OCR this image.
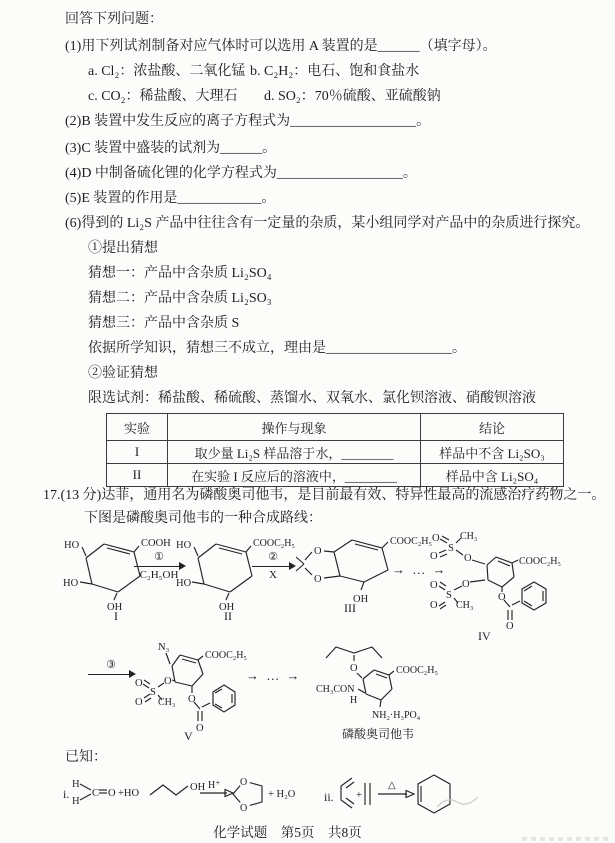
回答下列问题：
(1)用下列试剂制备对应气体时可以选用 A 装置的是______（填字母）。
a. Cl₂：浓盐酸、二氧化锰 b. C₂H₂：电石、饱和食盐水
c. CO₂：稀盐酸、大理石 d. SO₂：70％硫酸、亚硫酸钠
(2)B 装置中发生反应的离子方程式为__________________。
(3)C 装置中盛装的试剂为______。
(4)D 中制备硫化锂的化学方程式为__________________。
(5)E 装置的作用是____________。
(6)得到的 Li₂S 产品中往往含有一定量的杂质，某小组同学对产品中的杂质进行探究。
①提出猜想
猜想一：产品中含杂质 Li₂SO₄
猜想二：产品中含杂质 Li₂SO₃
猜想三：产品中含杂质 S
依据所学知识，猜想三不成立，理由是__________________。
②验证猜想
限选试剂：稀盐酸、稀硫酸、蒸馏水、双氧水、氯化钡溶液、硝酸钡溶液
实验	操作与现象	结论
I	取少量 Li₂S 样品溶于水，________	样品中不含 Li₂SO₃
II	在实验 I 反应后的溶液中，________	样品中含 Li₂SO₄
17.(13 分)达菲，通用名为磷酸奥司他韦，是目前最有效、特异性最高的流感治疗药物之一。
下图是磷酸奥司他韦的一种合成路线：
HO	COOH
HO
OH
I
①
C₂H₅OH
HO	COOC₂H₅
HO
OH
II
②
X
O
O
OH
COOC₂H₅
III
→ … →
O
S
CH₃
O	O
O
S
CH₃
O
O
O
O
COOC₂H₅
IV
③
N₃
COOC₂H₅
O
S
O CH₃
O
O
O
V
→ … →	O	COOC₂H₅
CH₃CON
H
NH₂·H₃PO₄
磷酸奥司他韦
已知：
i.
H
H
C O +HO
OH H⁺ O
O
+ H₂O ii. +
△
化学试题　第5页　共8页
